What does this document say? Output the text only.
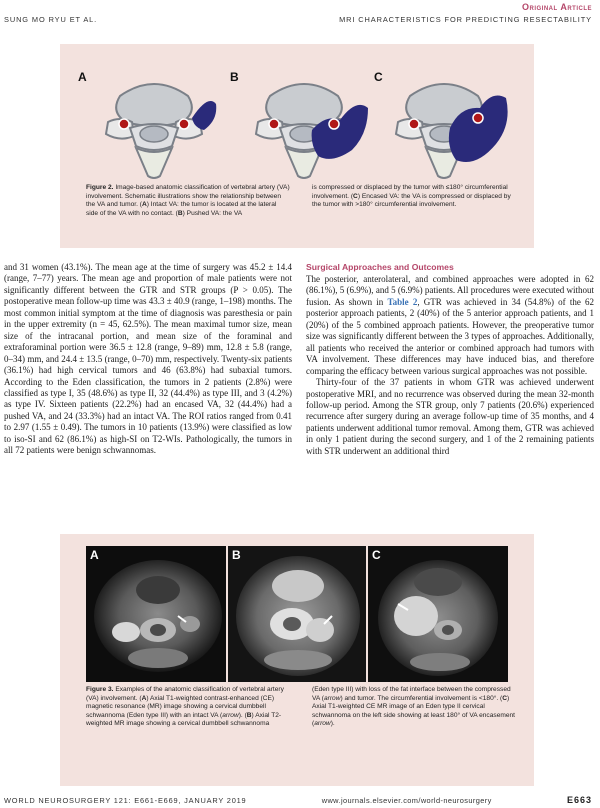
Original Article
SUNG MO RYU ET AL.	MRI CHARACTERISTICS FOR PREDICTING RESECTABILITY
A	B	C
Figure 2. Image-based anatomic classification of vertebral artery (VA) involvement. Schematic illustrations show the relationship between the VA and tumor. (A) Intact VA: the tumor is located at the lateral side of the VA with no contact. (B) Pushed VA: the VA
is compressed or displaced by the tumor with ≤180° circumferential involvement. (C) Encased VA: the VA is compressed or displaced by the tumor with >180° circumferential involvement.

and 31 women (43.1%). The mean age at the time of surgery was 45.2 ± 14.4 (range, 7–77) years. The mean age and proportion of male patients were not significantly different between the GTR and STR groups (P > 0.05). The postoperative mean follow-up time was 43.3 ± 40.9 (range, 1–198) months. The most common initial symptom at the time of diagnosis was paresthesia or pain in the upper extremity (n = 45, 62.5%). The mean maximal tumor size, mean size of the intracanal portion, and mean size of the foraminal and extraforaminal portion were 36.5 ± 12.8 (range, 9–89) mm, 12.8 ± 5.8 (range, 0–34) mm, and 24.4 ± 13.5 (range, 0–70) mm, respectively. Twenty-six patients (36.1%) had high cervical tumors and 46 (63.8%) had subaxial tumors. According to the Eden classification, the tumors in 2 patients (2.8%) were classified as type I, 35 (48.6%) as type II, 32 (44.4%) as type III, and 3 (4.2%) as type IV. Sixteen patients (22.2%) had an encased VA, 32 (44.4%) had a pushed VA, and 24 (33.3%) had an intact VA. The ROI ratios ranged from 0.41 to 2.97 (1.55 ± 0.49). The tumors in 10 patients (13.9%) were classified as low to iso-SI and 62 (86.1%) as high-SI on T2-WIs. Pathologically, the tumors in all 72 patients were benign schwannomas.

Surgical Approaches and Outcomes

The posterior, anterolateral, and combined approaches were adopted in 62 (86.1%), 5 (6.9%), and 5 (6.9%) patients. All procedures were executed without fusion. As shown in Table 2, GTR was achieved in 34 (54.8%) of the 62 posterior approach patients, 2 (40%) of the 5 anterior approach patients, and 1 (20%) of the 5 combined approach patients. However, the preoperative tumor size was significantly different between the 3 types of approaches. Additionally, all patients who received the anterior or combined approach had tumors with VA involvement. These differences may have induced bias, and therefore comparing the efficacy between various surgical approaches was not possible.

Thirty-four of the 37 patients in whom GTR was achieved underwent postoperative MRI, and no recurrence was observed during the mean 32-month follow-up period. Among the STR group, only 7 patients (20.6%) experienced recurrence after surgery during an average follow-up time of 35 months, and 4 patients underwent additional tumor removal. Among them, GTR was achieved in only 1 patient during the second surgery, and 1 of the 2 remaining patients with STR underwent an additional third

A	B	C
Figure 3. Examples of the anatomic classification of vertebral artery (VA) involvement. (A) Axial T1-weighted contrast-enhanced (CE) magnetic resonance (MR) image showing a cervical dumbbell schwannoma (Eden type III) with an intact VA (arrow). (B) Axial T2-weighted MR image showing a cervical dumbbell schwannoma
(Eden type III) with loss of the fat interface between the compressed VA (arrow) and tumor. The circumferential involvement is <180°. (C) Axial T1-weighted CE MR image of an Eden type II cervical schwannoma on the left side showing at least 180° of VA encasement (arrow).
WORLD NEUROSURGERY 121: E661-E669, JANUARY 2019	www.journals.elsevier.com/world-neurosurgery	E663
